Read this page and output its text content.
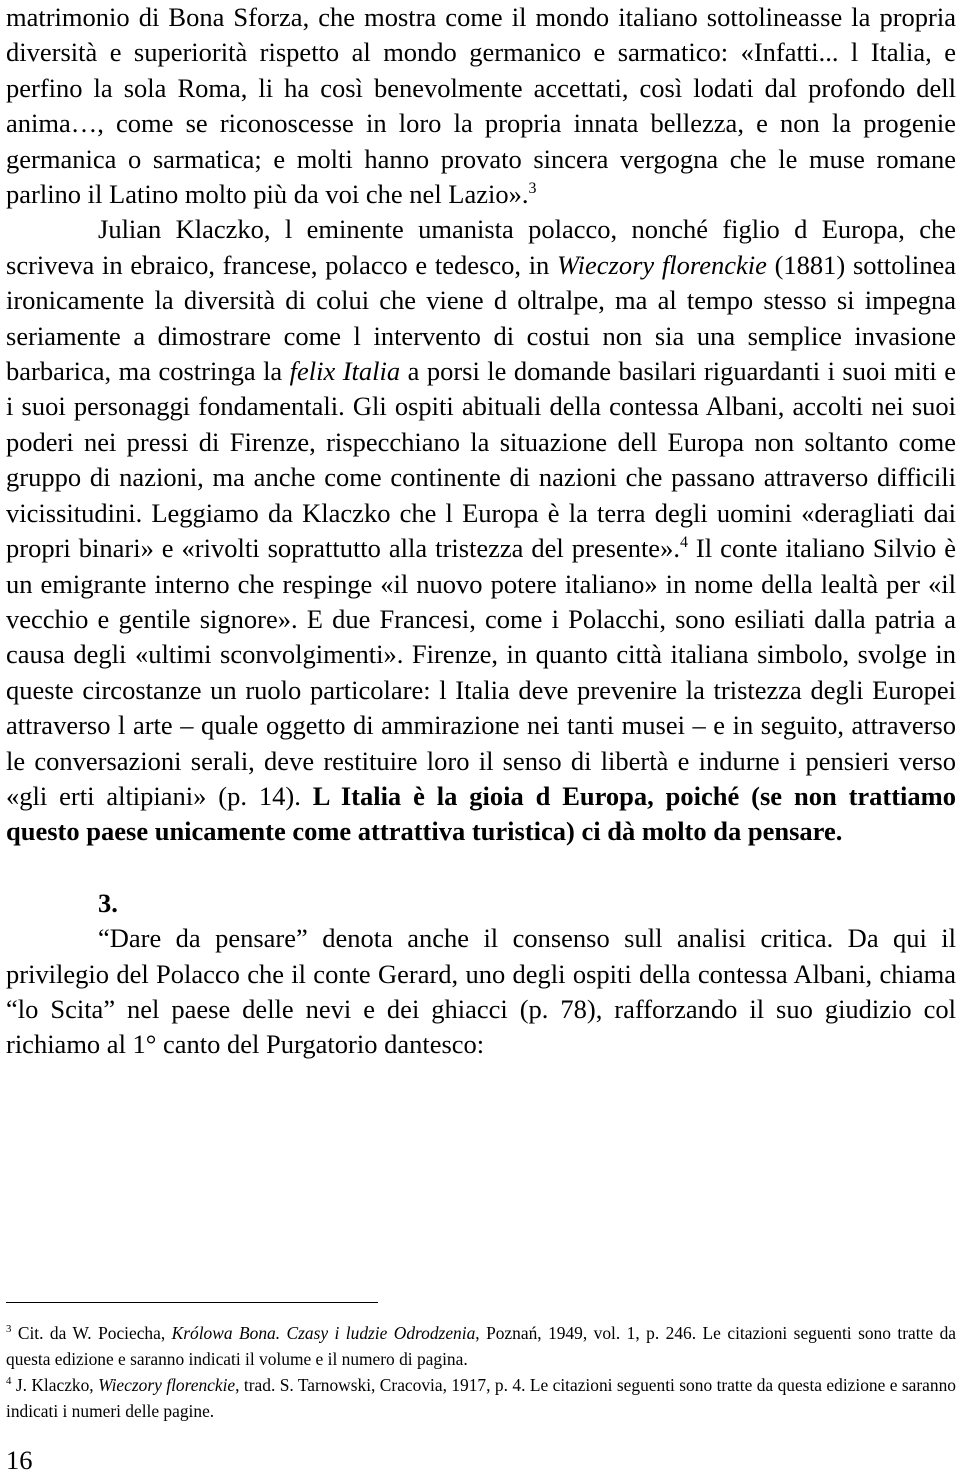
matrimonio di Bona Sforza, che mostra come il mondo italiano sottolineasse la propria diversità e superiorità rispetto al mondo germanico e sarmatico: «Infatti... l Italia, e perfino la sola Roma, li ha così benevolmente accettati, così lodati dal profondo dell anima…, come se riconoscesse in loro la propria innata bellezza, e non la progenie germanica o sarmatica; e molti hanno provato sincera vergogna che le muse romane parlino il Latino molto più da voi che nel Lazio».$^3$

Julian Klaczko, l eminente umanista polacco, nonché figlio d Europa, che scriveva in ebraico, francese, polacco e tedesco, in Wieczory florenckie (1881) sottolinea ironicamente la diversità di colui che viene d oltralpe, ma al tempo stesso si impegna seriamente a dimostrare come l intervento di costui non sia una semplice invasione barbarica, ma costringa la felix Italia a porsi le domande basilari riguardanti i suoi miti e i suoi personaggi fondamentali. Gli ospiti abituali della contessa Albani, accolti nei suoi poderi nei pressi di Firenze, rispecchiano la situazione dell Europa non soltanto come gruppo di nazioni, ma anche come continente di nazioni che passano attraverso difficili vicissitudini. Leggiamo da Klaczko che l Europa è la terra degli uomini «deragliati dai propri binari» e «rivolti soprattutto alla tristezza del presente».$^4$ Il conte italiano Silvio è un emigrante interno che respinge «il nuovo potere italiano» in nome della lealtà per «il vecchio e gentile signore». E due Francesi, come i Polacchi, sono esiliati dalla patria a causa degli «ultimi sconvolgimenti». Firenze, in quanto città italiana simbolo, svolge in queste circostanze un ruolo particolare: l Italia deve prevenire la tristezza degli Europei attraverso l arte – quale oggetto di ammirazione nei tanti musei – e in seguito, attraverso le conversazioni serali, deve restituire loro il senso di libertà e indurne i pensieri verso «gli erti altipiani» (p. 14). L Italia è la gioia d Europa, poiché (se non trattiamo questo paese unicamente come attrattiva turistica) ci dà molto da pensare.

3.

“Dare da pensare” denota anche il consenso sull analisi critica. Da qui il privilegio del Polacco che il conte Gerard, uno degli ospiti della contessa Albani, chiama “lo Scita” nel paese delle nevi e dei ghiacci (p. 78), rafforzando il suo giudizio col richiamo al 1° canto del Purgatorio dantesco:

$^3$ Cit. da W. Pociecha, Królowa Bona. Czasy i ludzie Odrodzenia, Poznań, 1949, vol. 1, p. 246. Le citazioni seguenti sono tratte da questa edizione e saranno indicati il volume e il numero di pagina.

$^4$ J. Klaczko, Wieczory florenckie, trad. S. Tarnowski, Cracovia, 1917, p. 4. Le citazioni seguenti sono tratte da questa edizione e saranno indicati i numeri delle pagine.

16
